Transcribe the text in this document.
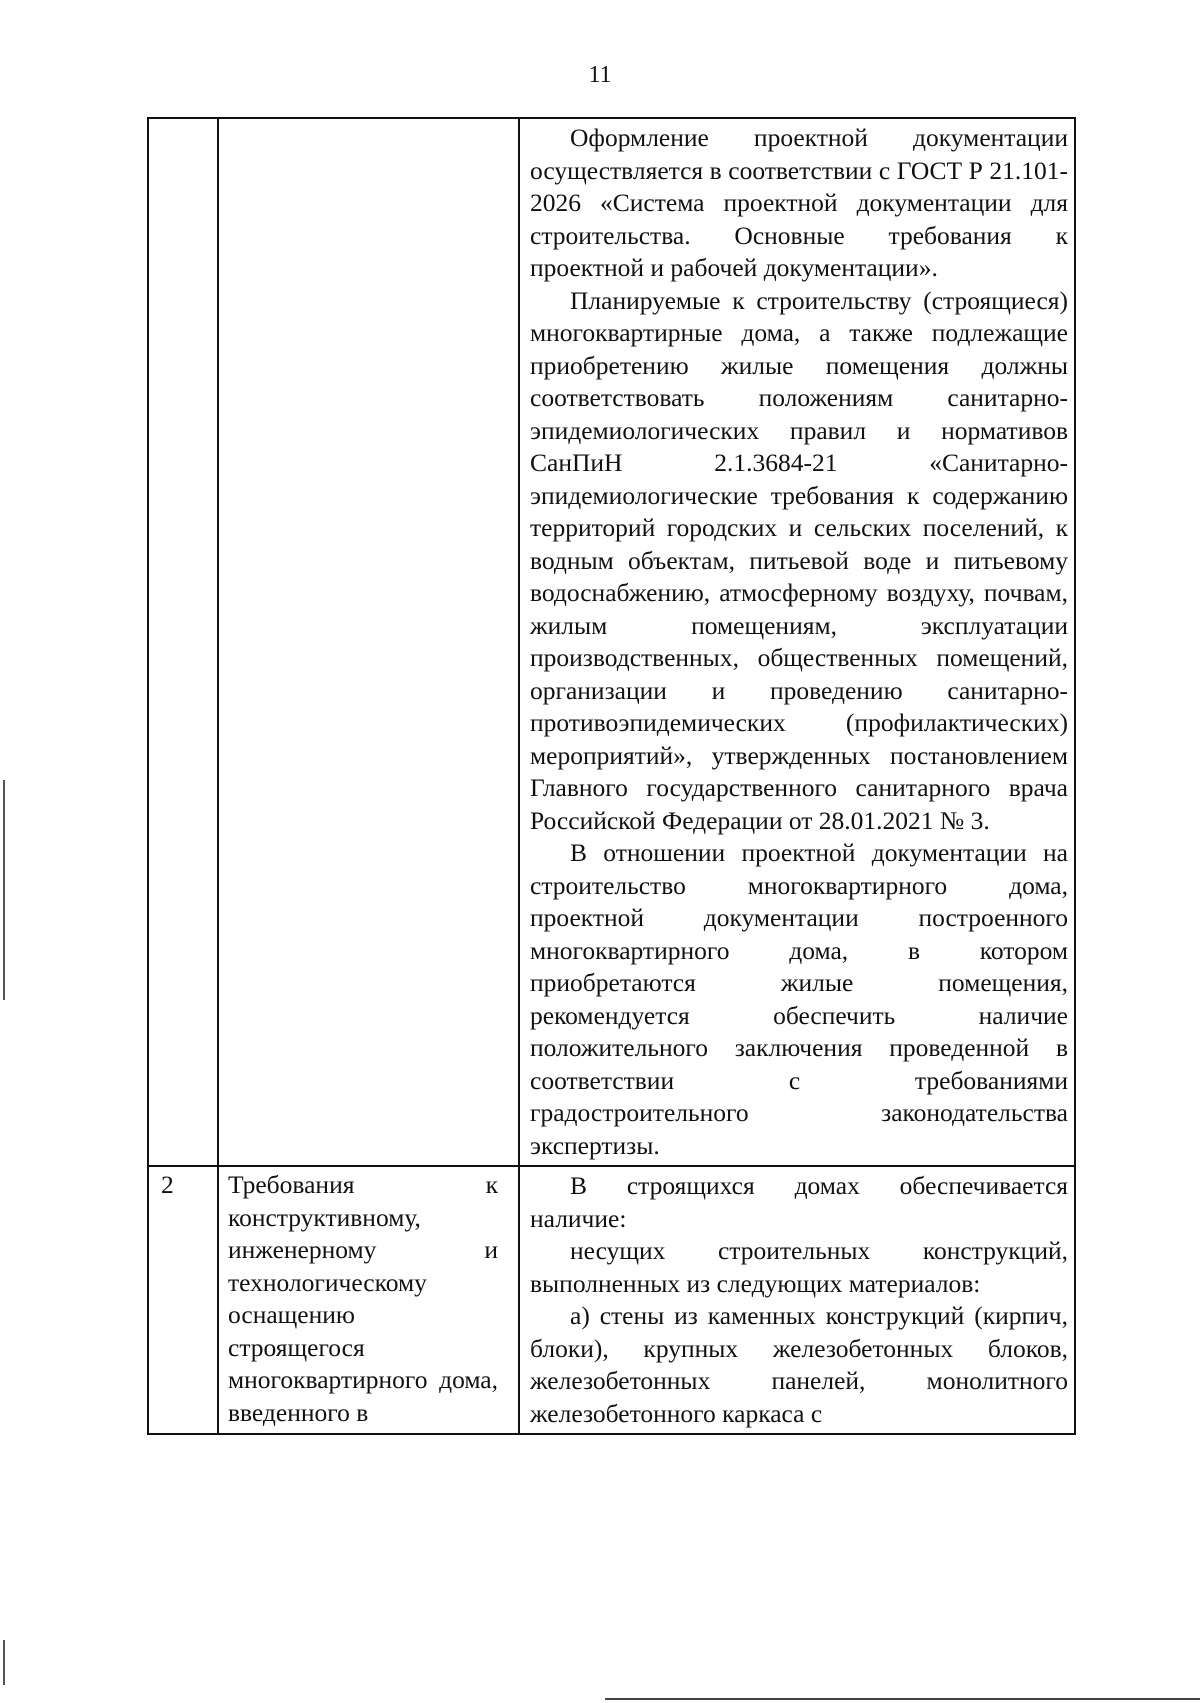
11

		Оформление проектной документации осуществляется в соответствии с ГОСТ Р 21.101-2026 «Система проектной документации для строительства. Основные требования к проектной и рабочей документации».

Планируемые к строительству (строящиеся) многоквартирные дома, а также подлежащие приобретению жилые помещения должны соответствовать положениям санитарно-эпидемиологических правил и нормативов СанПиН 2.1.3684-21 «Санитарно-эпидемиологические требования к содержанию территорий городских и сельских поселений, к водным объектам, питьевой воде и питьевому водоснабжению, атмосферному воздуху, почвам, жилым помещениям, эксплуатации производственных, общественных помещений, организации и проведению санитарно-противоэпидемических (профилактических) мероприятий», утвержденных постановлением Главного государственного санитарного врача Российской Федерации от 28.01.2021 № 3.

В отношении проектной документации на строительство многоквартирного дома, проектной документации построенного многоквартирного дома, в котором приобретаются жилые помещения, рекомендуется обеспечить наличие положительного заключения проведенной в соответствии с требованиями градостроительного законодательства экспертизы.

2	Требования к конструктивному, инженерному и технологическому оснащению строящегося многоквартирного дома, введенного в	В строящихся домах обеспечивается наличие:

несущих строительных конструкций, выполненных из следующих материалов:

а) стены из каменных конструкций (кирпич, блоки), крупных железобетонных блоков, железобетонных панелей, монолитного железобетонного каркаса с
